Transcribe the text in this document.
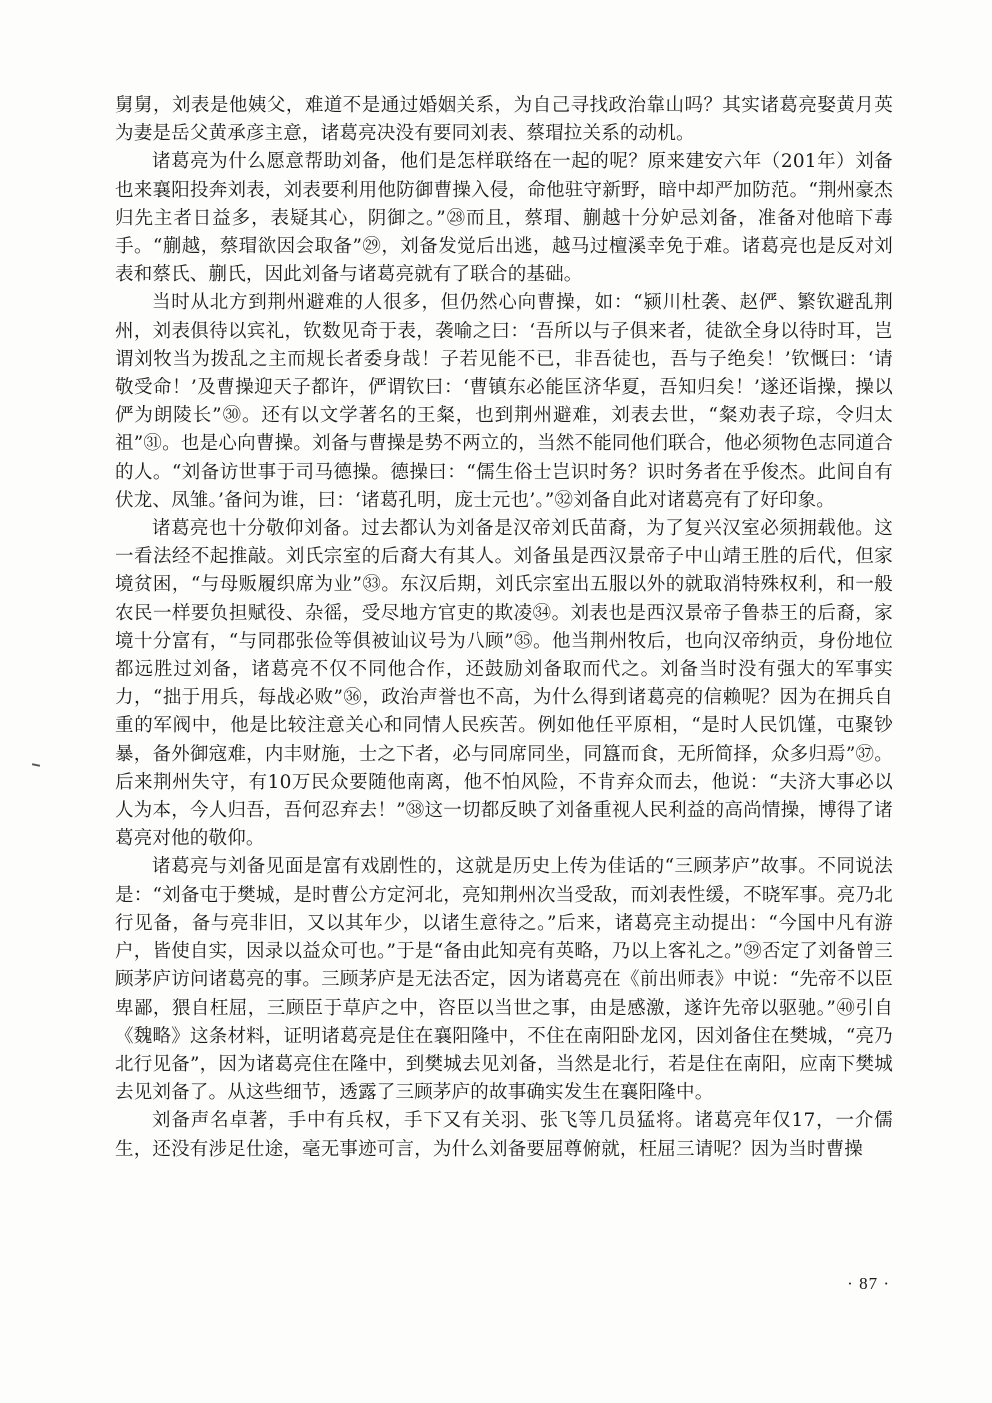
舅舅，刘表是他姨父，难道不是通过婚姻关系，为自己寻找政治靠山吗？其实诸葛亮娶黄月英为妻是岳父黄承彦主意，诸葛亮决没有要同刘表、蔡瑁拉关系的动机。

诸葛亮为什么愿意帮助刘备，他们是怎样联络在一起的呢？原来建安六年（201年）刘备也来襄阳投奔刘表，刘表要利用他防御曹操入侵，命他驻守新野，暗中却严加防范。“荆州豪杰归先主者日益多，表疑其心，阴御之。”㉘而且，蔡瑁、蒯越十分妒忌刘备，准备对他暗下毒手。“蒯越，蔡瑁欲因会取备”㉙，刘备发觉后出逃，越马过檀溪幸免于难。诸葛亮也是反对刘表和蔡氏、蒯氏，因此刘备与诸葛亮就有了联合的基础。

当时从北方到荆州避难的人很多，但仍然心向曹操，如：“颍川杜袭、赵俨、繁钦避乱荆州，刘表俱待以宾礼，钦数见奇于表，袭喻之曰：‘吾所以与子俱来者，徒欲全身以待时耳，岂谓刘牧当为拨乱之主而规长者委身哉！子若见能不已，非吾徒也，吾与子绝矣！’钦慨曰：‘请敬受命！’及曹操迎天子都许，俨谓钦曰：‘曹镇东必能匡济华夏，吾知归矣！’遂还诣操，操以俨为朗陵长”㉚。还有以文学著名的王粲，也到荆州避难，刘表去世，“粲劝表子琮，令归太祖”㉛。也是心向曹操。刘备与曹操是势不两立的，当然不能同他们联合，他必须物色志同道合的人。“刘备访世事于司马德操。德操曰：“儒生俗士岂识时务？识时务者在乎俊杰。此间自有伏龙、凤雏。’备问为谁，曰：‘诸葛孔明，庞士元也’。”㉜刘备自此对诸葛亮有了好印象。

诸葛亮也十分敬仰刘备。过去都认为刘备是汉帝刘氏苗裔，为了复兴汉室必须拥载他。这一看法经不起推敲。刘氏宗室的后裔大有其人。刘备虽是西汉景帝子中山靖王胜的后代，但家境贫困，“与母贩履织席为业”㉝。东汉后期，刘氏宗室出五服以外的就取消特殊权利，和一般农民一样要负担赋役、杂徭，受尽地方官吏的欺凌㉞。刘表也是西汉景帝子鲁恭王的后裔，家境十分富有，“与同郡张俭等俱被讪议号为八顾”㉟。他当荆州牧后，也向汉帝纳贡，身份地位都远胜过刘备，诸葛亮不仅不同他合作，还鼓励刘备取而代之。刘备当时没有强大的军事实力，“拙于用兵，每战必败”㊱，政治声誉也不高，为什么得到诸葛亮的信赖呢？因为在拥兵自重的军阀中，他是比较注意关心和同情人民疾苦。例如他任平原相，“是时人民饥馑，屯聚钞暴，备外御寇难，内丰财施，士之下者，必与同席同坐，同簋而食，无所简择，众多归焉”㊲。后来荆州失守，有10万民众要随他南离，他不怕风险，不肯弃众而去，他说：“夫济大事必以人为本，今人归吾，吾何忍弃去！”㊳这一切都反映了刘备重视人民利益的高尚情操，博得了诸葛亮对他的敬仰。

诸葛亮与刘备见面是富有戏剧性的，这就是历史上传为佳话的“三顾茅庐”故事。不同说法是：“刘备屯于樊城，是时曹公方定河北，亮知荆州次当受敌，而刘表性缓，不晓军事。亮乃北行见备，备与亮非旧，又以其年少，以诸生意待之。”后来，诸葛亮主动提出：“今国中凡有游户，皆使自实，因录以益众可也。”于是“备由此知亮有英略，乃以上客礼之。”㊴否定了刘备曾三顾茅庐访问诸葛亮的事。三顾茅庐是无法否定，因为诸葛亮在《前出师表》中说：“先帝不以臣卑鄙，猥自枉屈，三顾臣于草庐之中，咨臣以当世之事，由是感激，遂许先帝以驱驰。”㊵引自《魏略》这条材料，证明诸葛亮是住在襄阳隆中，不住在南阳卧龙冈，因刘备住在樊城，“亮乃北行见备”，因为诸葛亮住在隆中，到樊城去见刘备，当然是北行，若是住在南阳，应南下樊城去见刘备了。从这些细节，透露了三顾茅庐的故事确实发生在襄阳隆中。

刘备声名卓著，手中有兵权，手下又有关羽、张飞等几员猛将。诸葛亮年仅17，一介儒生，还没有涉足仕途，毫无事迹可言，为什么刘备要屈尊俯就，枉屈三请呢？因为当时曹操

· 87 ·
